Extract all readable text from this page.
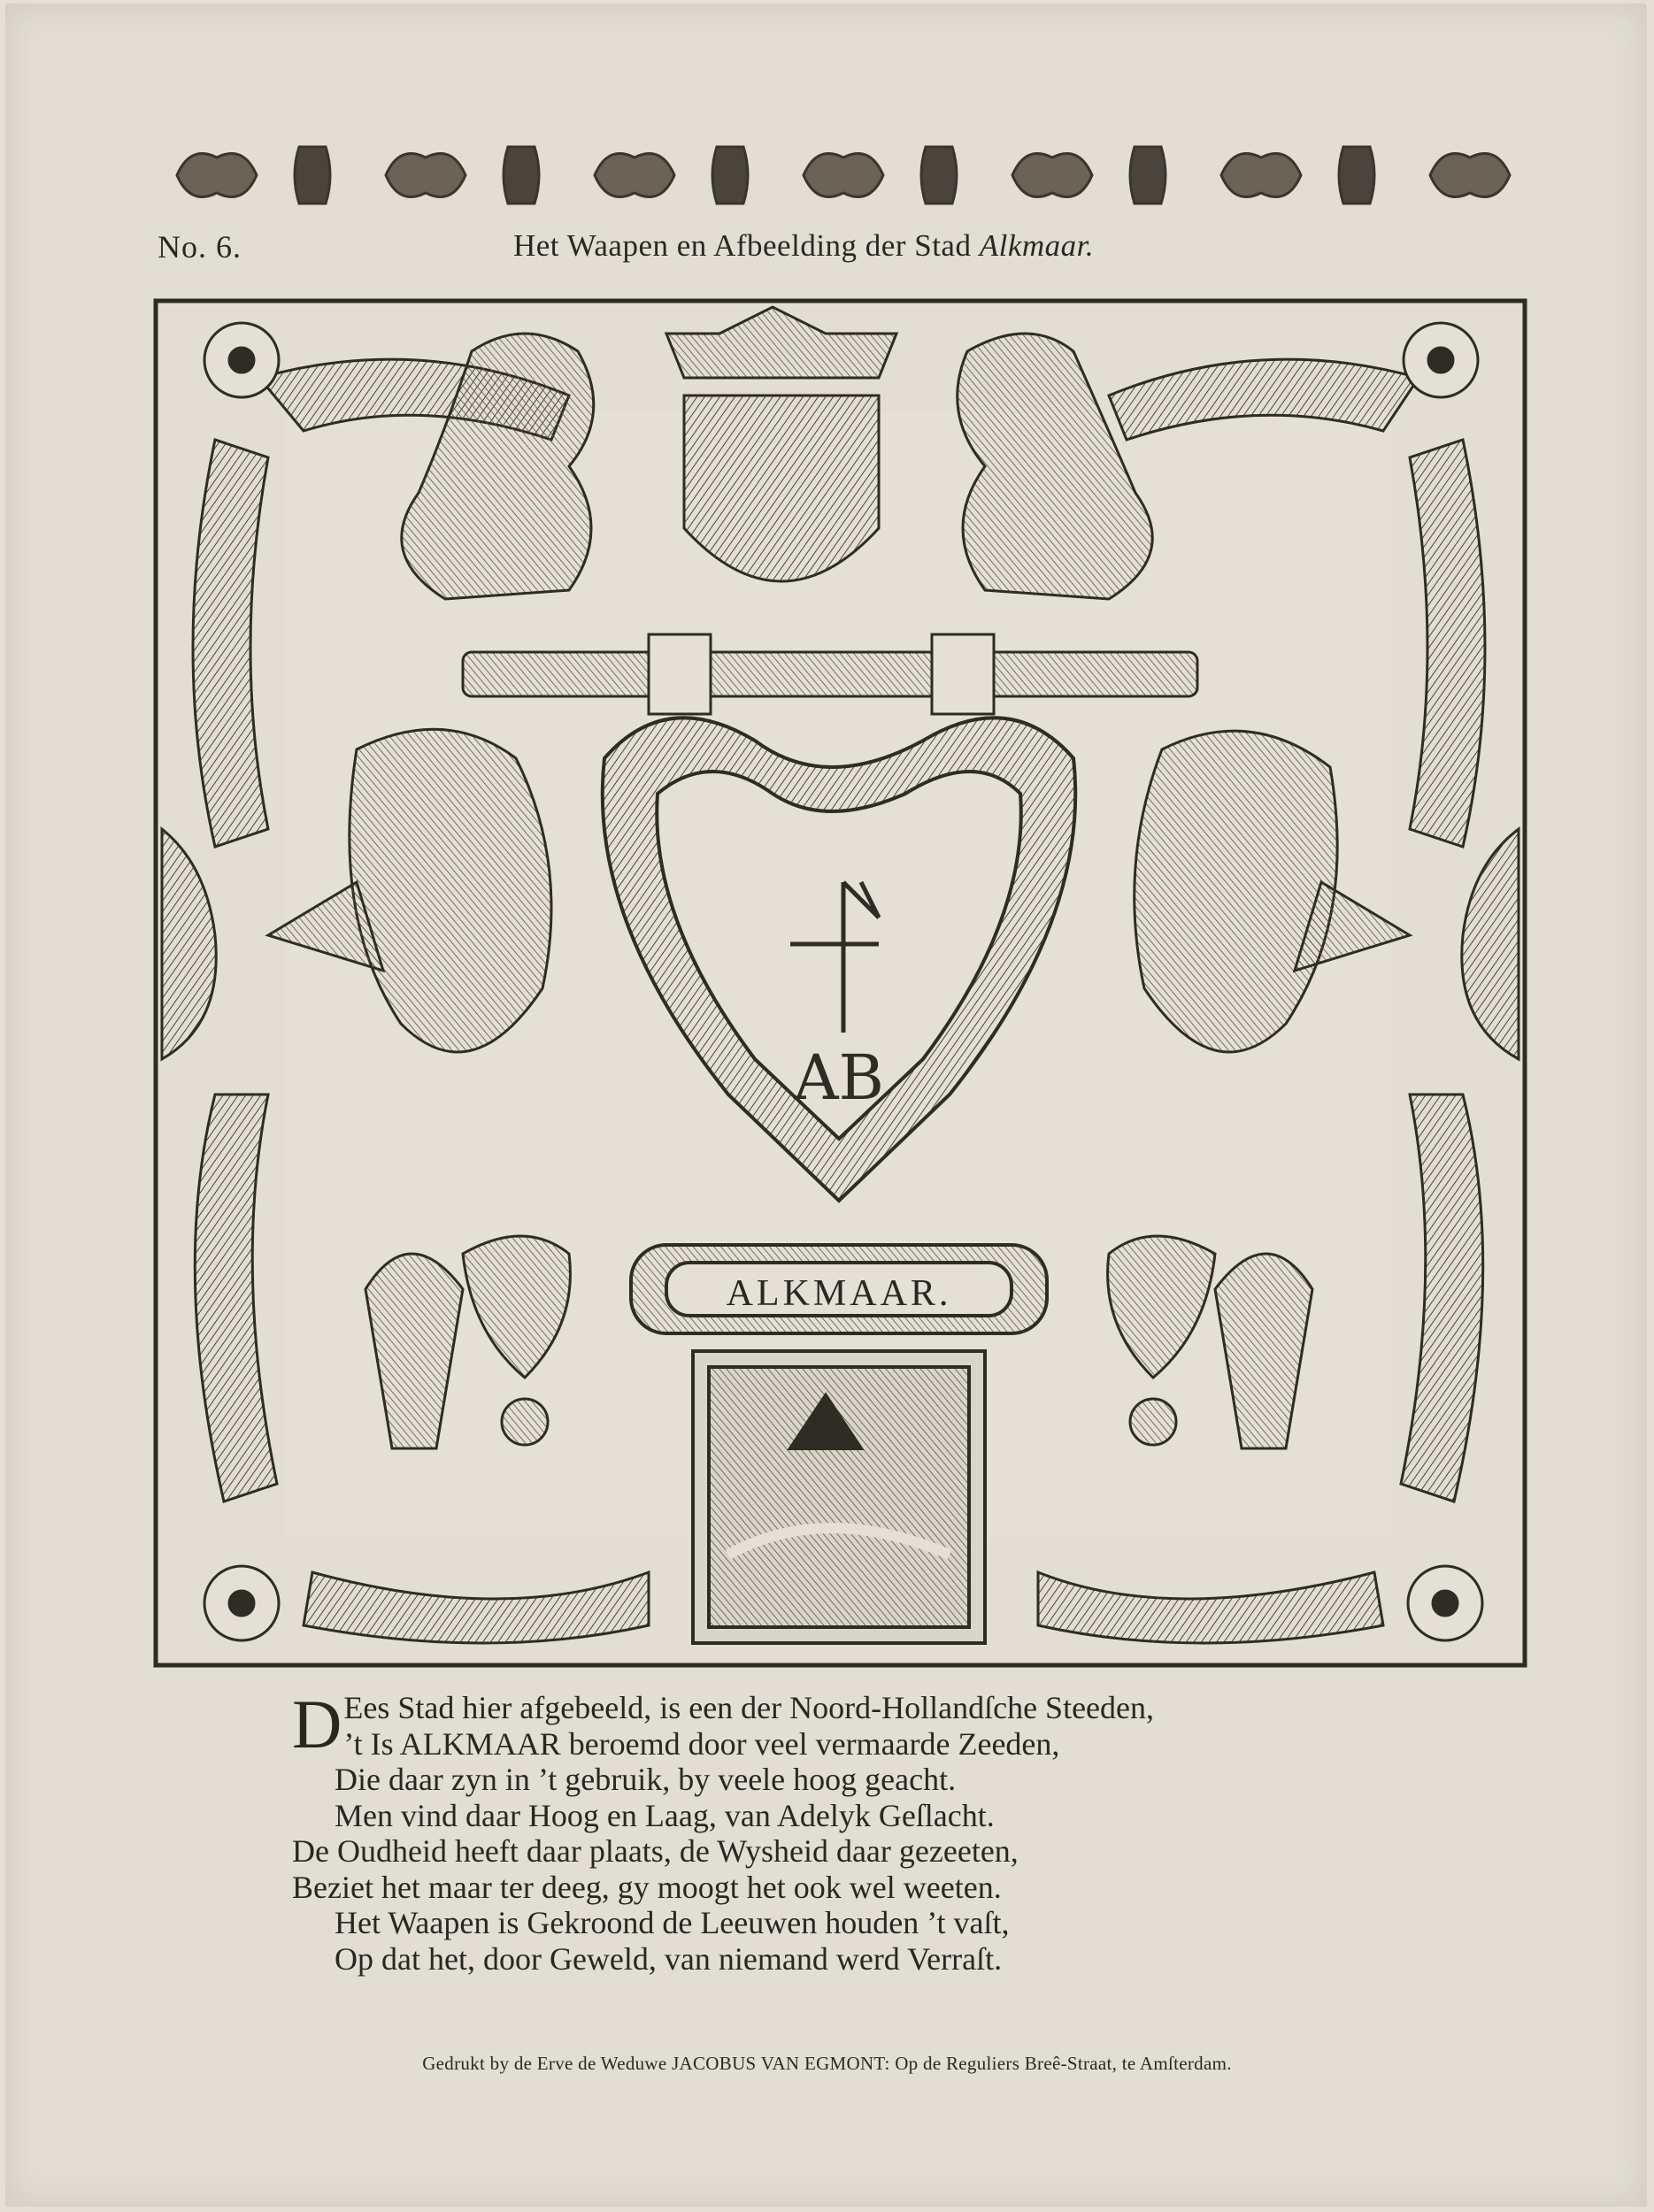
No. 6.	Het Waapen en Afbeelding der Stad Alkmaar.
AB
ALKMAAR.
D Ees Stad hier afgebeeld, is een der Noord-Hollandſche Steeden,
’t Is ALKMAAR beroemd door veel vermaarde Zeeden,
Die daar zyn in ’t gebruik, by veele hoog geacht.
Men vind daar Hoog en Laag, van Adelyk Geſlacht.
De Oudheid heeft daar plaats, de Wysheid daar gezeeten,
Beziet het maar ter deeg, gy moogt het ook wel weeten.
Het Waapen is Gekroond de Leeuwen houden ’t vaſt,
Op dat het, door Geweld, van niemand werd Verraſt.
Gedrukt by de Erve de Weduwe JACOBUS VAN EGMONT: Op de Reguliers Breê-Straat, te Amſterdam.
